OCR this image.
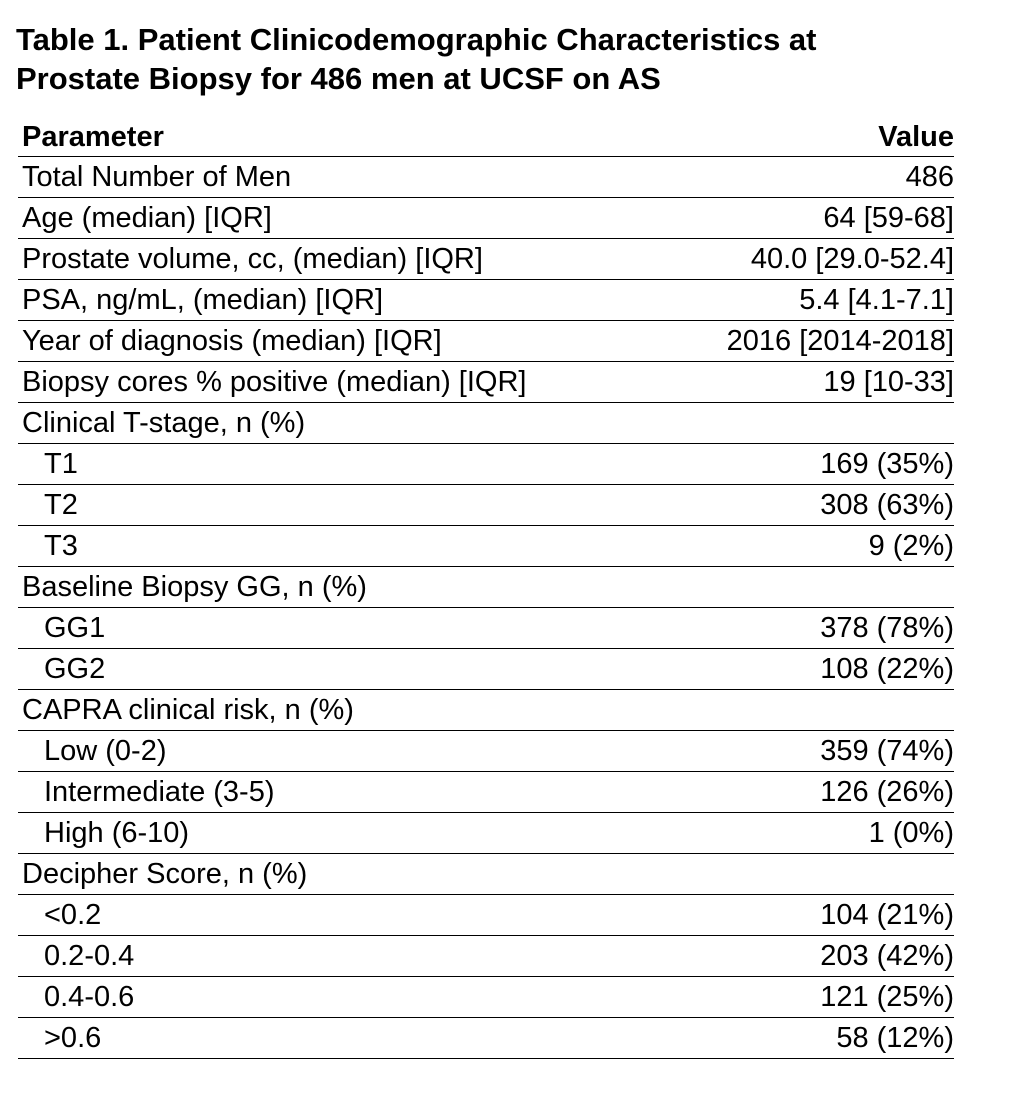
Table 1. Patient Clinicodemographic Characteristics at
Prostate Biopsy for 486 men at UCSF on AS
Parameter	Value
Total Number of Men	486
Age (median) [IQR]	64 [59-68]
Prostate volume, cc, (median) [IQR]	40.0 [29.0-52.4]
PSA, ng/mL, (median) [IQR]	5.4 [4.1-7.1]
Year of diagnosis (median) [IQR]	2016 [2014-2018]
Biopsy cores % positive (median) [IQR]	19 [10-33]
Clinical T-stage, n (%)
T1	169 (35%)
T2	308 (63%)
T3	9 (2%)
Baseline Biopsy GG, n (%)
GG1	378 (78%)
GG2	108 (22%)
CAPRA clinical risk, n (%)
Low (0-2)	359 (74%)
Intermediate (3-5)	126 (26%)
High (6-10)	1 (0%)
Decipher Score, n (%)
<0.2	104 (21%)
0.2-0.4	203 (42%)
0.4-0.6	121 (25%)
>0.6	58 (12%)
